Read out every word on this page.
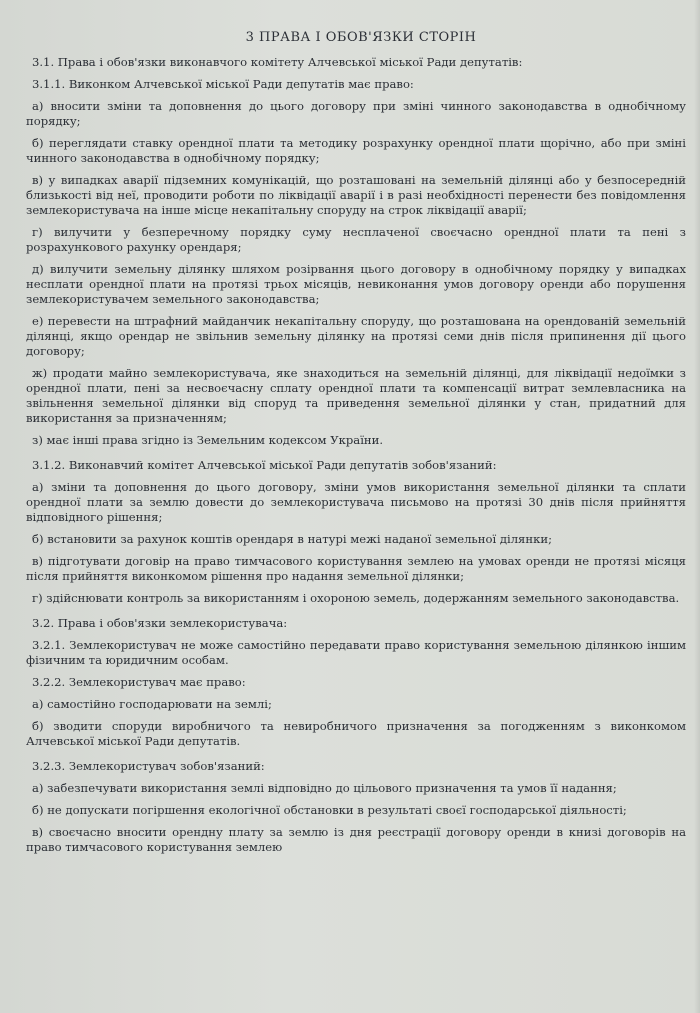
3 ПРАВА І ОБОВ'ЯЗКИ СТОРІН

3.1. Права і обов'язки виконавчого комітету Алчевської міської Ради депутатів:

3.1.1. Виконком Алчевської міської Ради депутатів має право:

а) вносити зміни та доповнення до цього договору при зміні чинного законодавства в однобічному порядку;

б) переглядати ставку орендної плати та методику розрахунку орендної плати щорічно, або при зміні чинного законодавства в однобічному порядку;

в) у випадках аварії підземних комунікацій, що розташовані на земельній ділянці або у безпосередній близькості від неї, проводити роботи по ліквідації аварії і в разі необхідності перенести без повідомлення землекористувача на інше місце некапітальну споруду на строк ліквідації аварії;

г) вилучити у безперечному порядку суму несплаченої своєчасно орендної плати та пені з розрахункового рахунку орендаря;

д) вилучити земельну ділянку шляхом розірвання цього договору в однобічному порядку у випадках несплати орендної плати на протязі трьох місяців, невиконання умов договору оренди або порушення землекористувачем земельного законодавства;

е) перевести на штрафний майданчик некапітальну споруду, що розташована на орендованій земельній ділянці, якщо орендар не звільнив земельну ділянку на протязі семи днів після припинення дії цього договору;

ж) продати майно землекористувача, яке знаходиться на земельній ділянці, для ліквідації недоїмки з орендної плати, пені за несвоєчасну сплату орендної плати та компенсації витрат землевласника на звільнення земельної ділянки від споруд та приведення земельної ділянки у стан, придатний для використання за призначенням;

з) має інші права згідно із Земельним кодексом України.

3.1.2. Виконавчий комітет Алчевської міської Ради депутатів зобов'язаний:

а) зміни та доповнення до цього договору, зміни умов використання земельної ділянки та сплати орендної плати за землю довести до землекористувача письмово на протязі 30 днів після прийняття відповідного рішення;

б) встановити за рахунок коштів орендаря в натурі межі наданої земельної ділянки;

в) підготувати договір на право тимчасового користування землею на умовах оренди не протязі місяця після прийняття виконкомом рішення про надання земельної ділянки;

г) здійснювати контроль за використанням і охороною земель, додержанням земельного законодавства.

3.2. Права і обов'язки землекористувача:

3.2.1. Землекористувач не може самостійно передавати право користування земельною ділянкою іншим фізичним та юридичним особам.

3.2.2. Землекористувач має право:

а) самостійно господарювати на землі;

б) зводити споруди виробничого та невиробничого призначення за погодженням з виконкомом Алчевської міської Ради депутатів.

3.2.3. Землекористувач зобов'язаний:

а) забезпечувати використання землі відповідно до цільового призначення та умов її надання;

б) не допускати погіршення екологічної обстановки в результаті своєї господарської діяльності;

в) своєчасно вносити орендну плату за землю із дня реєстрації договору оренди в книзі договорів на право тимчасового користування землею
